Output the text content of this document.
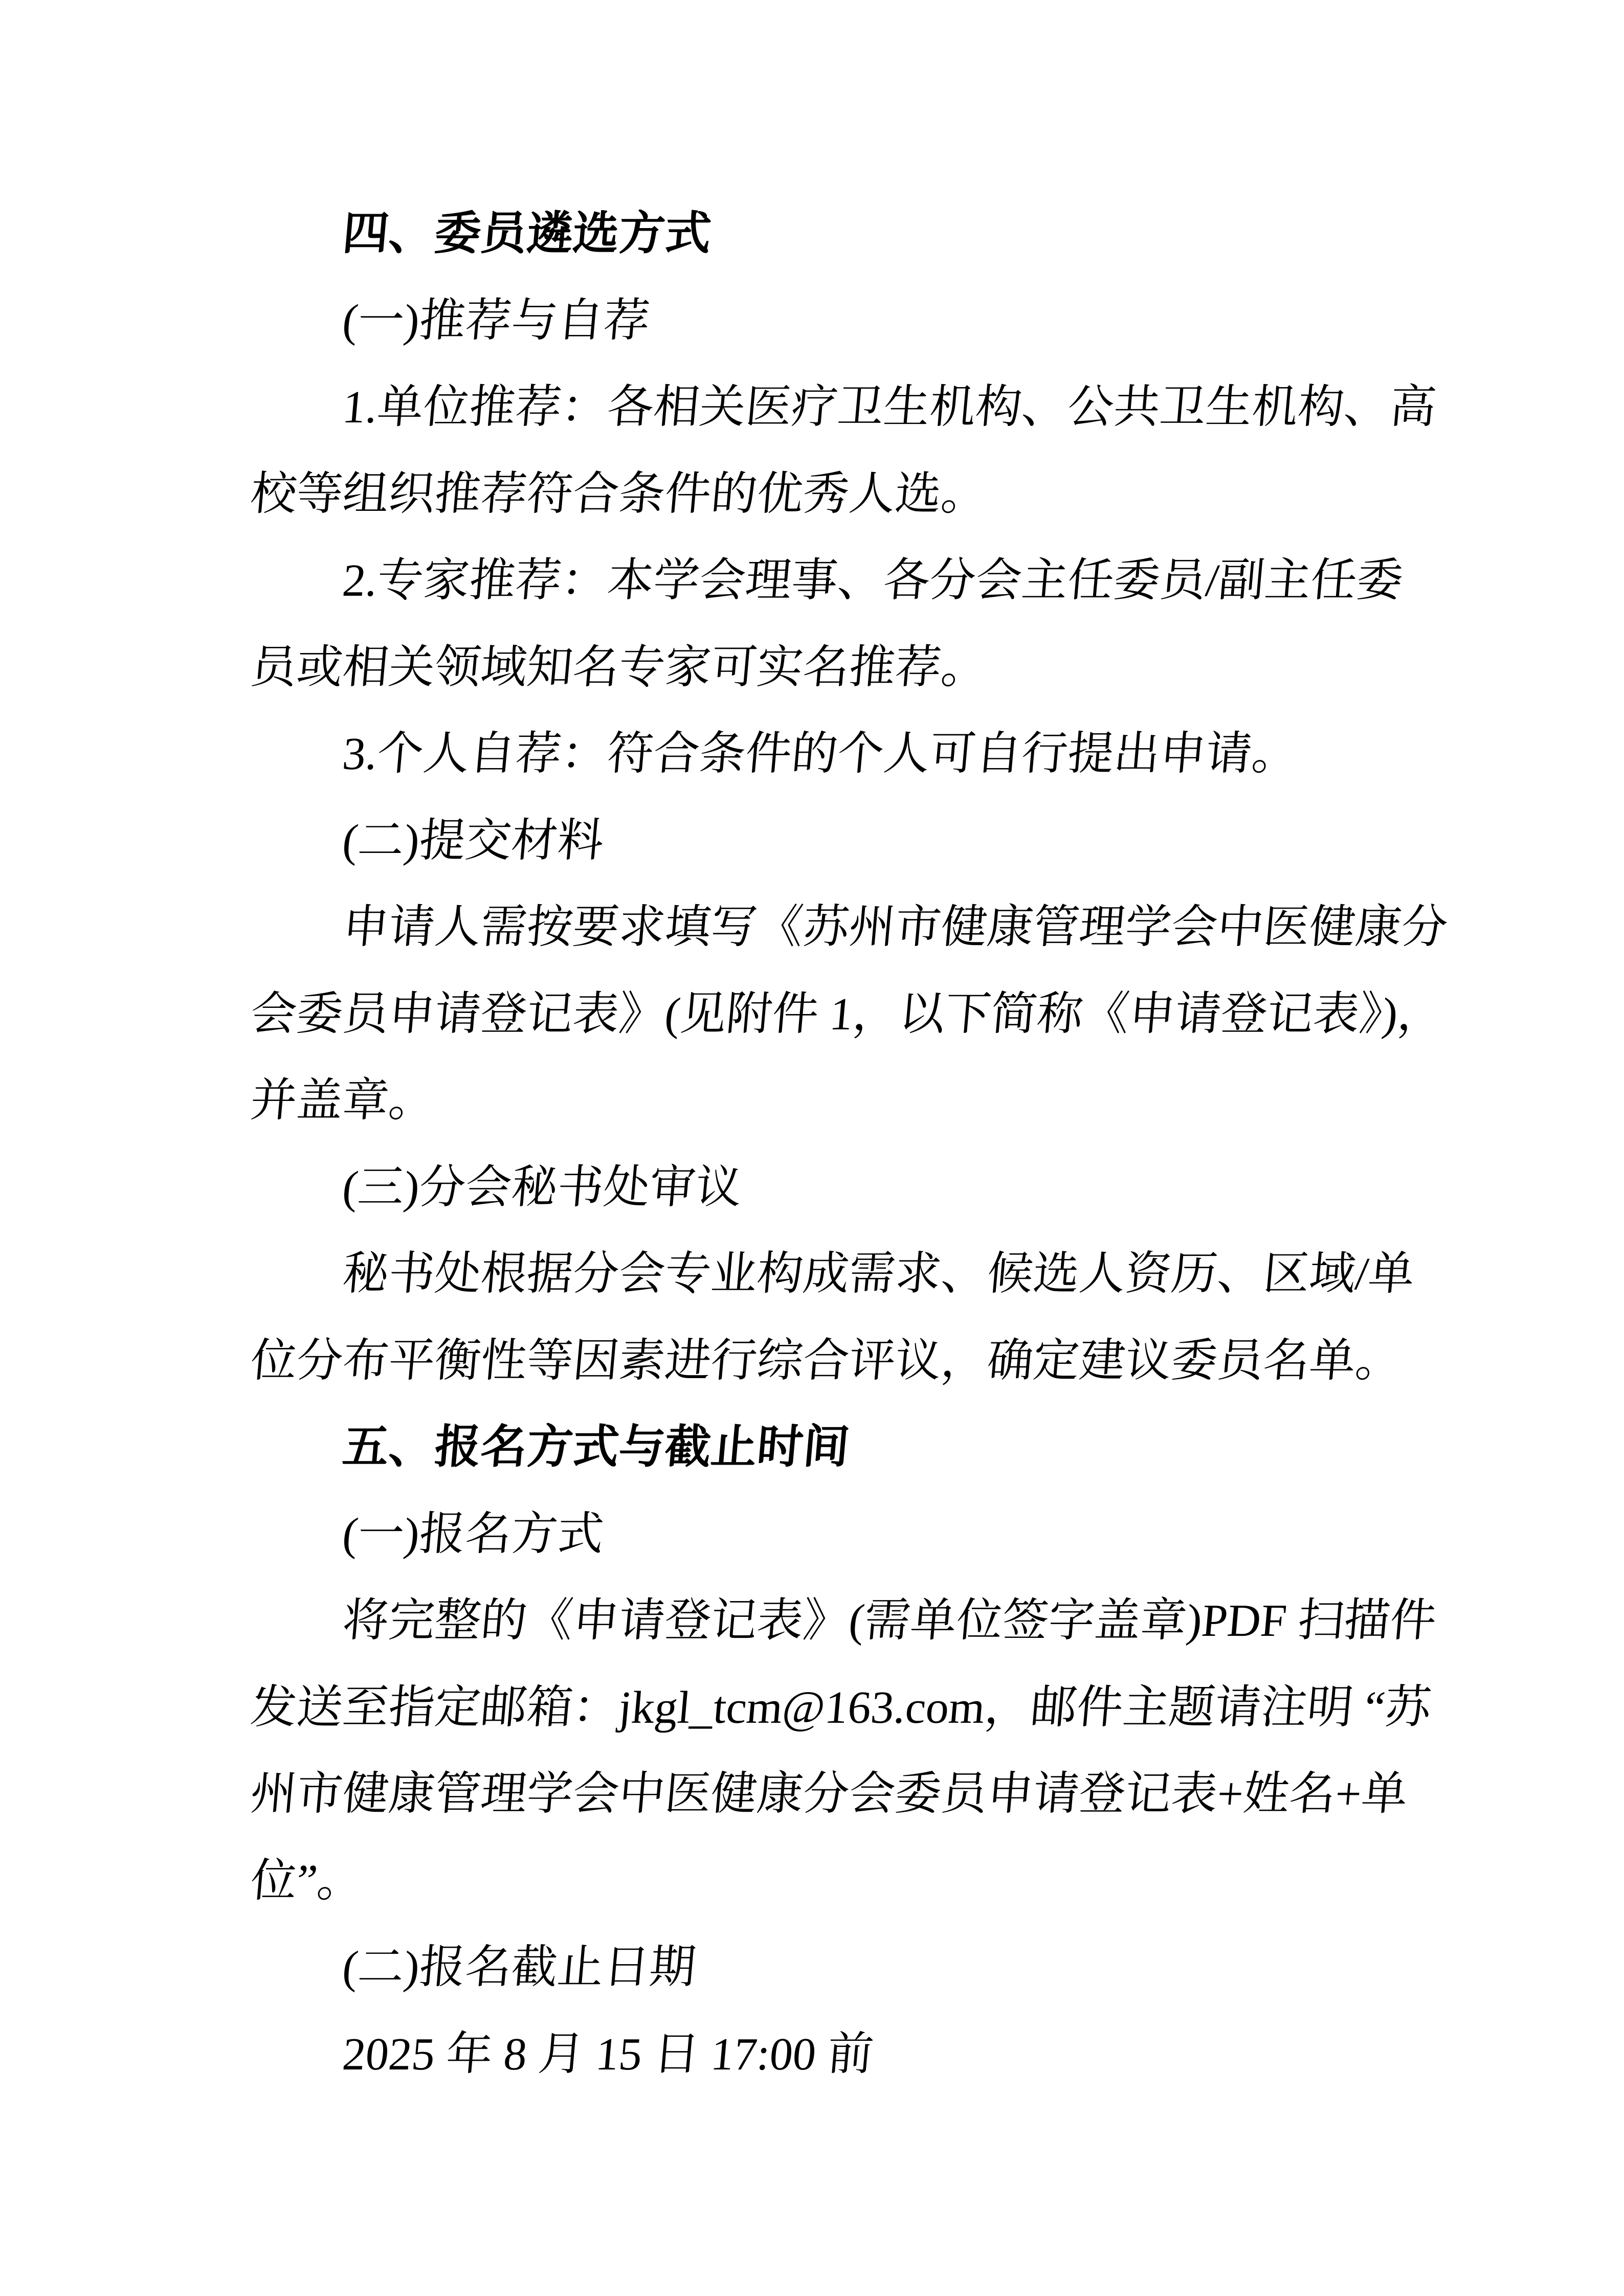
四、委员遴选方式
(一)推荐与自荐
1.单位推荐：各相关医疗卫生机构、公共卫生机构、高
校等组织推荐符合条件的优秀人选。
2.专家推荐：本学会理事、各分会主任委员/副主任委
员或相关领域知名专家可实名推荐。
3.个人自荐：符合条件的个人可自行提出申请。
(二)提交材料
申请人需按要求填写《苏州市健康管理学会中医健康分
会委员申请登记表》(见附件 1，以下简称《申请登记表》)，
并盖章。
(三)分会秘书处审议
秘书处根据分会专业构成需求、候选人资历、区域/单
位分布平衡性等因素进行综合评议，确定建议委员名单。
五、报名方式与截止时间
(一)报名方式
将完整的《申请登记表》(需单位签字盖章)PDF 扫描件
发送至指定邮箱：jkgl_tcm@163.com，邮件主题请注明 “苏
州市健康管理学会中医健康分会委员申请登记表+姓名+单
位”。
(二)报名截止日期
2025 年 8 月 15 日 17:00 前
